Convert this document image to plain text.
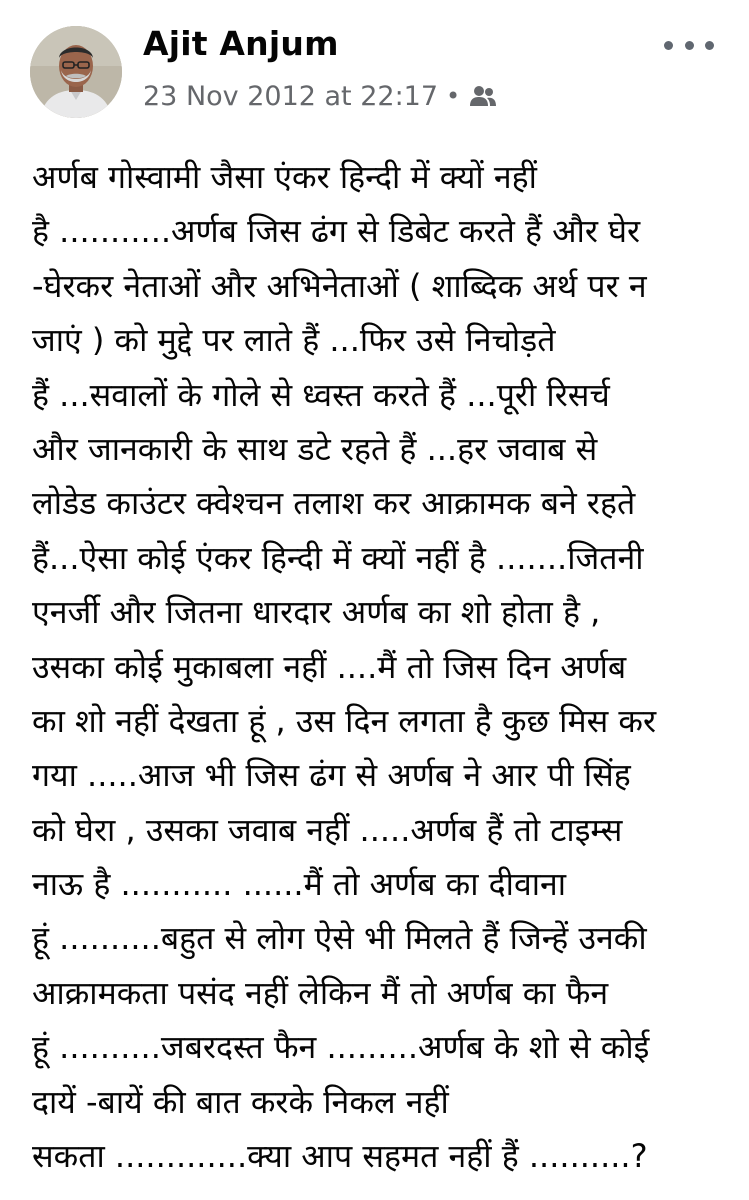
Ajit Anjum
23 Nov 2012 at 22:17 •
अर्णब गोस्वामी जैसा एंकर हिन्दी में क्यों नहीं
है ...........अर्णब जिस ढंग से डिबेट करते हैं और घेर
-घेरकर नेताओं और अभिनेताओं ( शाब्दिक अर्थ पर न
जाएं ) को मुद्दे पर लाते हैं ...फिर उसे निचोड़ते
हैं ...सवालों के गोले से ध्वस्त करते हैं ...पूरी रिसर्च
और जानकारी के साथ डटे रहते हैं ...हर जवाब से
लोडेड काउंटर क्वेश्चन तलाश कर आक्रामक बने रहते
हैं...ऐसा कोई एंकर हिन्दी में क्यों नहीं है .......जितनी
एनर्जी और जितना धारदार अर्णब का शो होता है ,
उसका कोई मुकाबला नहीं ....मैं तो जिस दिन अर्णब
का शो नहीं देखता हूं , उस दिन लगता है कुछ मिस कर
गया .....आज भी जिस ढंग से अर्णब ने आर पी सिंह
को घेरा , उसका जवाब नहीं .....अर्णब हैं तो टाइम्स
नाऊ है ........... ......मैं तो अर्णब का दीवाना
हूं ..........बहुत से लोग ऐसे भी मिलते हैं जिन्हें उनकी
आक्रामकता पसंद नहीं लेकिन मैं तो अर्णब का फैन
हूं ..........जबरदस्त फैन .........अर्णब के शो से कोई
दायें -बायें की बात करके निकल नहीं
सकता .............क्या आप सहमत नहीं हैं ..........?
